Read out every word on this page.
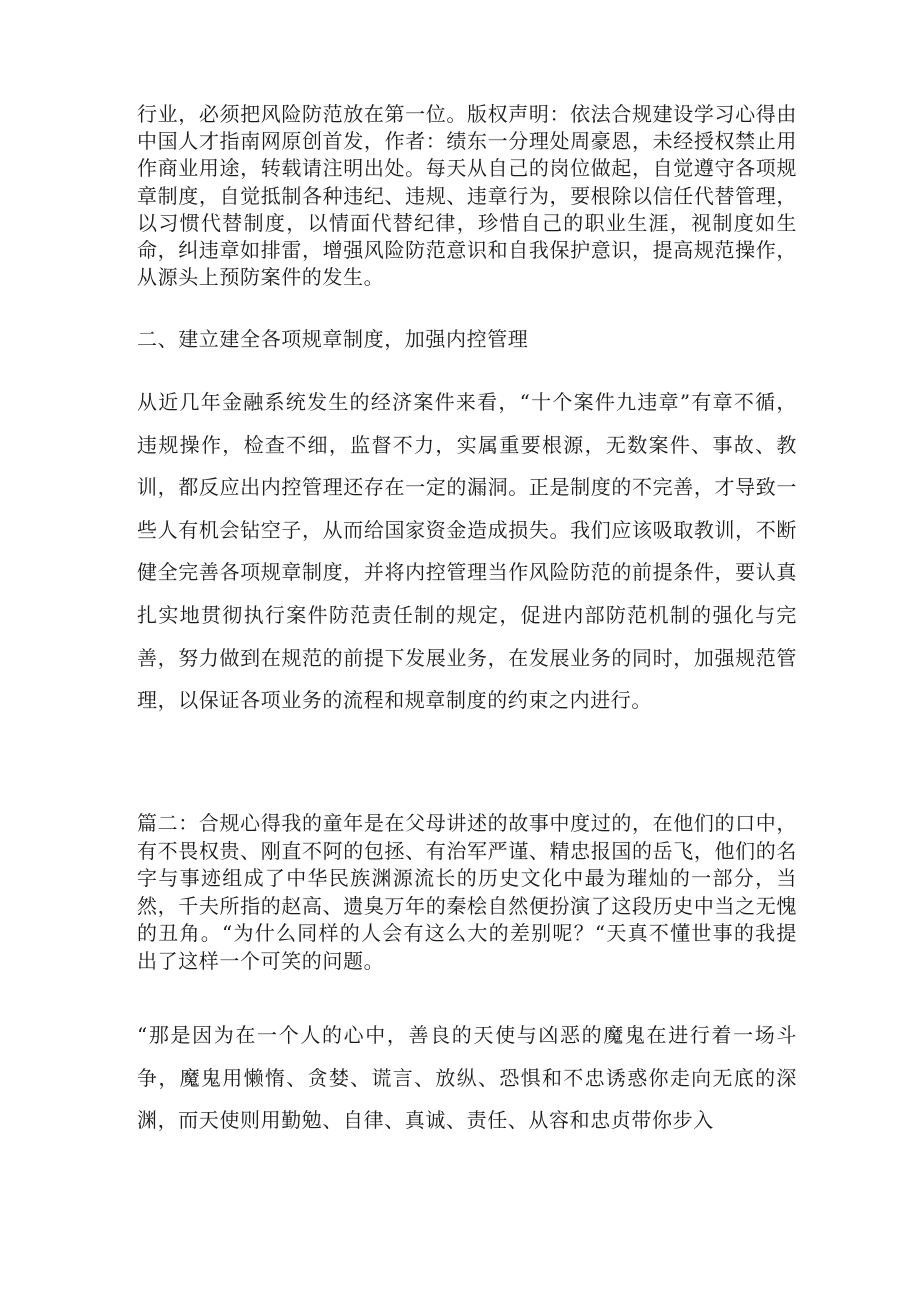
行业，必须把风险防范放在第一位。版权声明：依法合规建设学习心得由中国人才指南网原创首发，作者：绩东一分理处周豪恩，未经授权禁止用作商业用途，转载请注明出处。每天从自己的岗位做起，自觉遵守各项规章制度，自觉抵制各种违纪、违规、违章行为，要根除以信任代替管理，以习惯代替制度，以情面代替纪律，珍惜自己的职业生涯，视制度如生命，纠违章如排雷，增强风险防范意识和自我保护意识，提高规范操作，从源头上预防案件的发生。

二、建立建全各项规章制度，加强内控管理

从近几年金融系统发生的经济案件来看，“十个案件九违章”有章不循，违规操作，检查不细，监督不力，实属重要根源，无数案件、事故、教训，都反应出内控管理还存在一定的漏洞。正是制度的不完善，才导致一些人有机会钻空子，从而给国家资金造成损失。我们应该吸取教训，不断健全完善各项规章制度，并将内控管理当作风险防范的前提条件，要认真扎实地贯彻执行案件防范责任制的规定，促进内部防范机制的强化与完善，努力做到在规范的前提下发展业务，在发展业务的同时，加强规范管理，以保证各项业务的流程和规章制度的约束之内进行。

篇二：合规心得我的童年是在父母讲述的故事中度过的，在他们的口中，有不畏权贵、刚直不阿的包拯、有治军严谨、精忠报国的岳飞，他们的名字与事迹组成了中华民族渊源流长的历史文化中最为璀灿的一部分，当然，千夫所指的赵高、遗臭万年的秦桧自然便扮演了这段历史中当之无愧的丑角。“为什么同样的人会有这么大的差别呢？“天真不懂世事的我提出了这样一个可笑的问题。

“那是因为在一个人的心中，善良的天使与凶恶的魔鬼在进行着一场斗争，魔鬼用懒惰、贪婪、谎言、放纵、恐惧和不忠诱惑你走向无底的深渊，而天使则用勤勉、自律、真诚、责任、从容和忠贞带你步入
